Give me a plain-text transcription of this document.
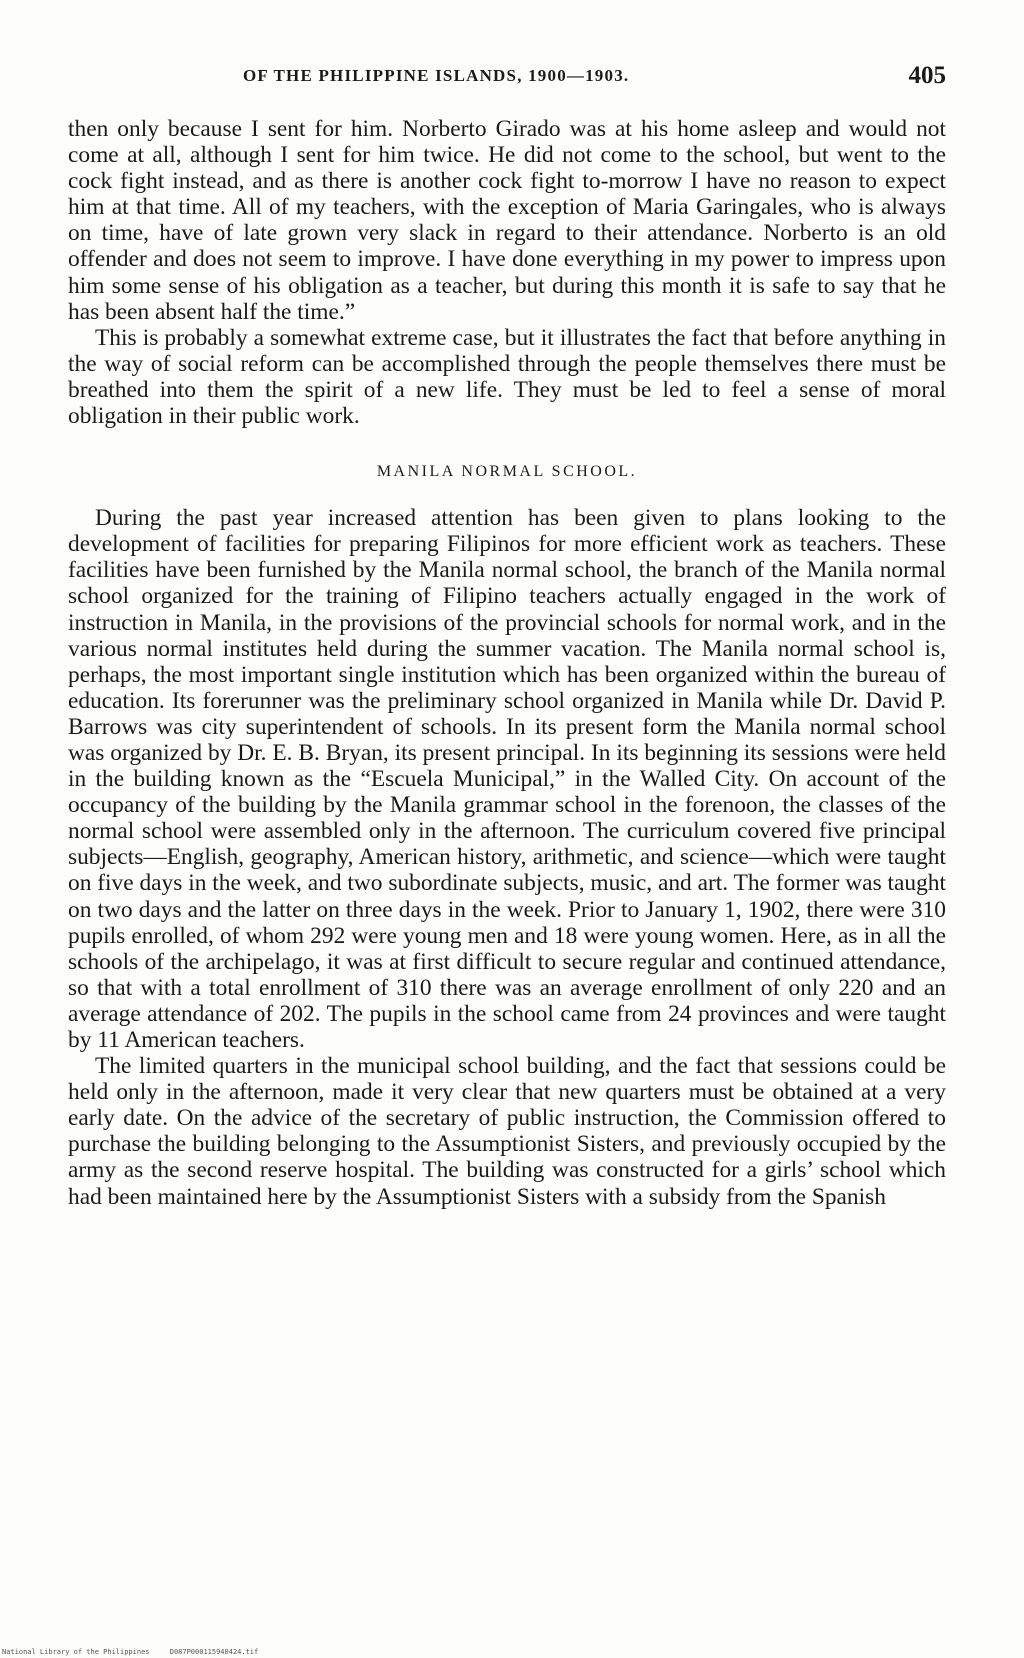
OF THE PHILIPPINE ISLANDS, 1900—1903.	405

then only because I sent for him. Norberto Girado was at his home asleep and would not come at all, although I sent for him twice. He did not come to the school, but went to the cock fight instead, and as there is another cock fight to-morrow I have no reason to expect him at that time. All of my teachers, with the exception of Maria Garingales, who is always on time, have of late grown very slack in regard to their attendance. Norberto is an old offender and does not seem to improve. I have done everything in my power to impress upon him some sense of his obligation as a teacher, but during this month it is safe to say that he has been absent half the time.”

This is probably a somewhat extreme case, but it illustrates the fact that before anything in the way of social reform can be accomplished through the people themselves there must be breathed into them the spirit of a new life. They must be led to feel a sense of moral obligation in their public work.

MANILA NORMAL SCHOOL.

During the past year increased attention has been given to plans looking to the development of facilities for preparing Filipinos for more efficient work as teachers. These facilities have been furnished by the Manila normal school, the branch of the Manila normal school organized for the training of Filipino teachers actually engaged in the work of instruction in Manila, in the provisions of the provincial schools for normal work, and in the various normal institutes held during the summer vacation. The Manila normal school is, perhaps, the most important single institution which has been organized within the bureau of education. Its forerunner was the preliminary school organized in Manila while Dr. David P. Barrows was city superintendent of schools. In its present form the Manila normal school was organized by Dr. E. B. Bryan, its present principal. In its beginning its sessions were held in the building known as the “Escuela Municipal,” in the Walled City. On account of the occupancy of the building by the Manila grammar school in the forenoon, the classes of the normal school were assembled only in the afternoon. The curriculum covered five principal subjects—English, geography, American history, arithmetic, and science—which were taught on five days in the week, and two subordinate subjects, music, and art. The former was taught on two days and the latter on three days in the week. Prior to January 1, 1902, there were 310 pupils enrolled, of whom 292 were young men and 18 were young women. Here, as in all the schools of the archipelago, it was at first difficult to secure regular and continued attendance, so that with a total enrollment of 310 there was an average enrollment of only 220 and an average attendance of 202. The pupils in the school came from 24 provinces and were taught by 11 American teachers.

The limited quarters in the municipal school building, and the fact that sessions could be held only in the afternoon, made it very clear that new quarters must be obtained at a very early date. On the advice of the secretary of public instruction, the Commission offered to purchase the building belonging to the Assumptionist Sisters, and previously occupied by the army as the second reserve hospital. The building was constructed for a girls’ school which had been maintained here by the Assumptionist Sisters with a subsidy from the Spanish

National Library of the Philippines	D087P000115940424.tif
